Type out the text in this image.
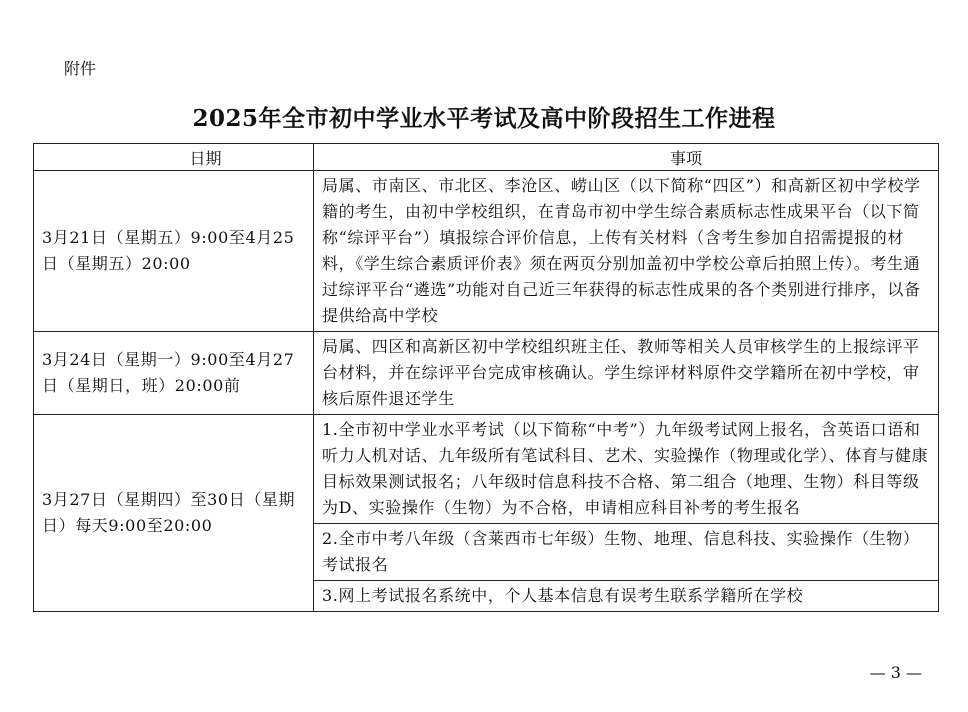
附件
2025年全市初中学业水平考试及高中阶段招生工作进程
日期	事项
3月21日（星期五）9:00至4月25日（星期五）20:00	局属、市南区、市北区、李沧区、崂山区（以下简称“四区”）和高新区初中学校学籍的考生，由初中学校组织，在青岛市初中学生综合素质标志性成果平台（以下简称“综评平台”）填报综合评价信息，上传有关材料（含考生参加自招需提报的材料，《学生综合素质评价表》须在两页分别加盖初中学校公章后拍照上传）。考生通过综评平台“遴选”功能对自己近三年获得的标志性成果的各个类别进行排序，以备提供给高中学校
3月24日（星期一）9:00至4月27日（星期日，班）20:00前	局属、四区和高新区初中学校组织班主任、教师等相关人员审核学生的上报综评平台材料，并在综评平台完成审核确认。学生综评材料原件交学籍所在初中学校，审核后原件退还学生
3月27日（星期四）至30日（星期日）每天9:00至20:00	1.全市初中学业水平考试（以下简称“中考”）九年级考试网上报名，含英语口语和听力人机对话、九年级所有笔试科目、艺术、实验操作（物理或化学）、体育与健康目标效果测试报名；八年级时信息科技不合格、第二组合（地理、生物）科目等级为D、实验操作（生物）为不合格，申请相应科目补考的考生报名
	2.全市中考八年级（含莱西市七年级）生物、地理、信息科技、实验操作（生物）考试报名
	3.网上考试报名系统中，个人基本信息有误考生联系学籍所在学校
— 3 —
